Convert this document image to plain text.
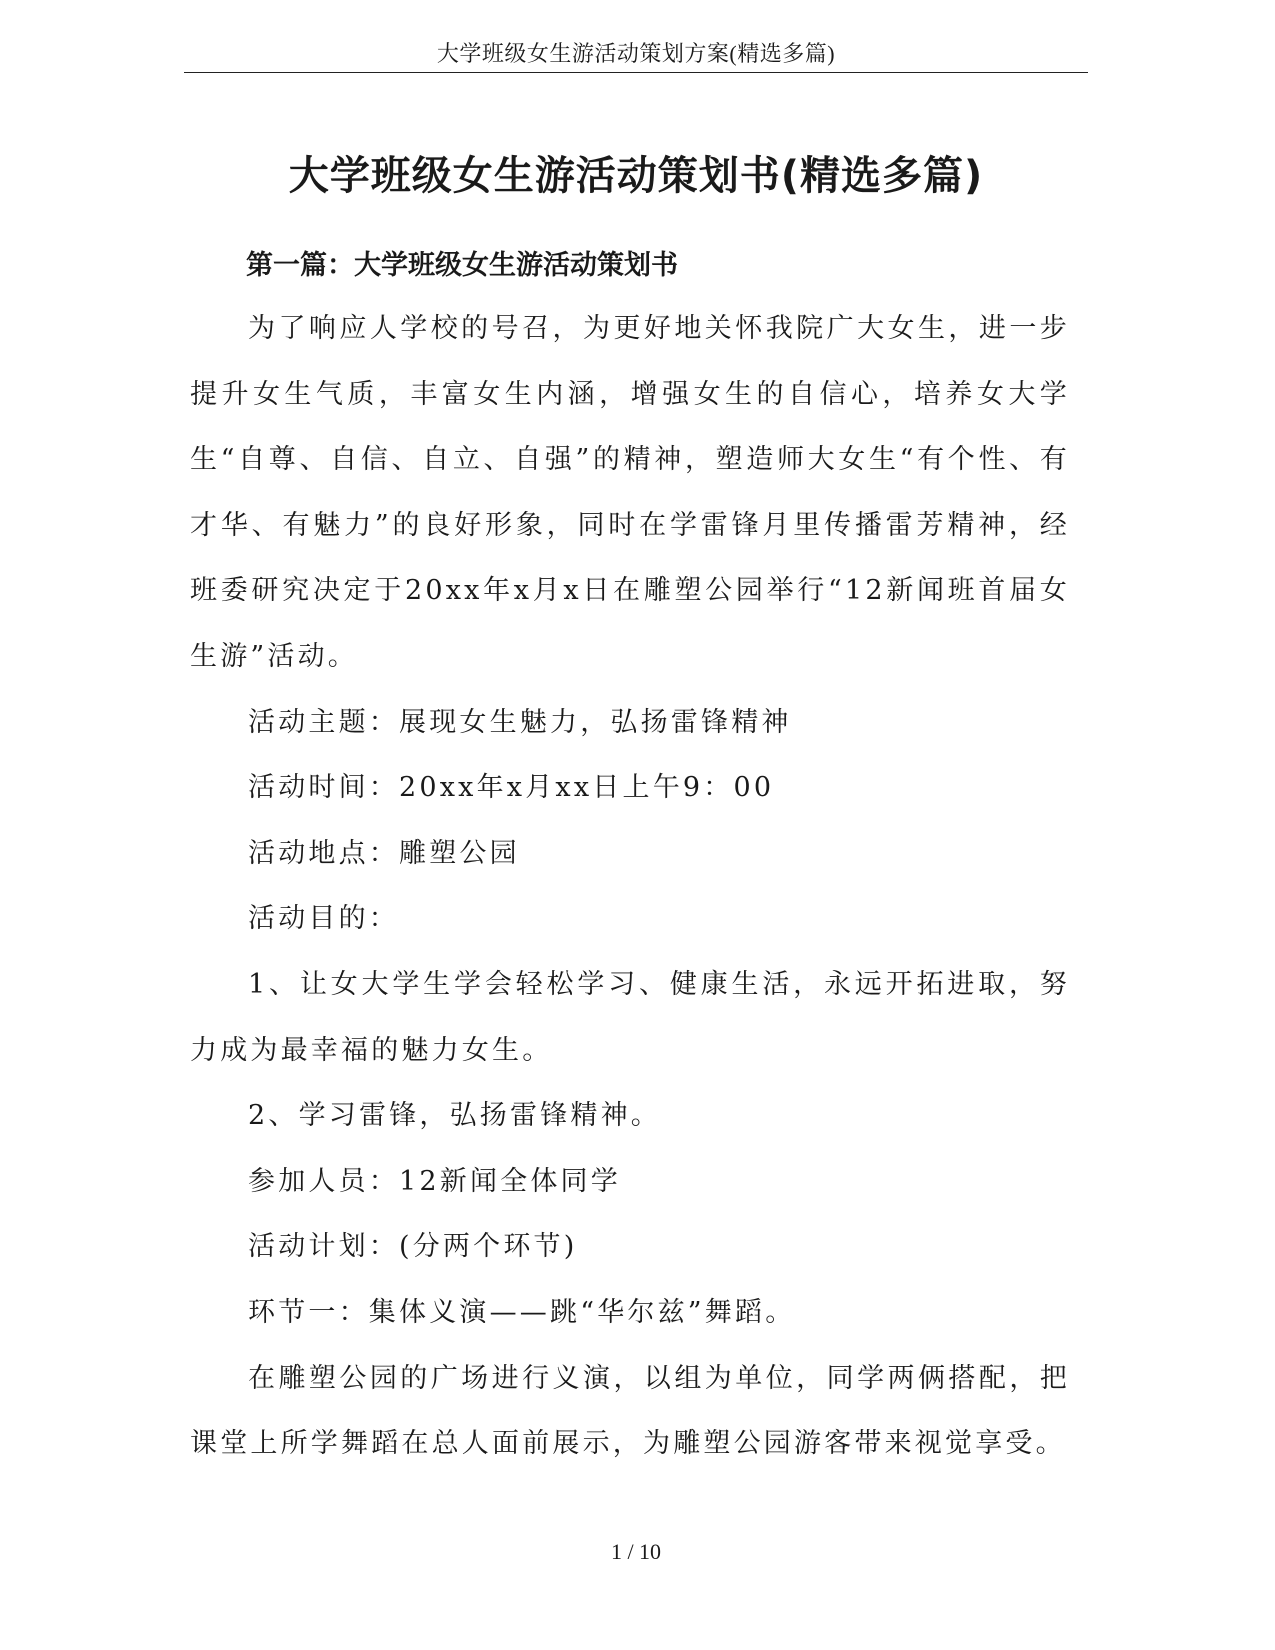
大学班级女生游活动策划方案(精选多篇)
大学班级女生游活动策划书(精选多篇)
第一篇：大学班级女生游活动策划书

为了响应人学校的号召，为更好地关怀我院广大女生，进一步提升女生气质，丰富女生内涵，增强女生的自信心，培养女大学生“自尊、自信、自立、自强”的精神，塑造师大女生“有个性、有才华、有魅力”的良好形象，同时在学雷锋月里传播雷芳精神，经班委研究决定于20xx年x月x日在雕塑公园举行“12新闻班首届女生游”活动。

活动主题：展现女生魅力，弘扬雷锋精神

活动时间：20xx年x月xx日上午9：00

活动地点：雕塑公园

活动目的：

1、让女大学生学会轻松学习、健康生活，永远开拓进取，努力成为最幸福的魅力女生。

2、学习雷锋，弘扬雷锋精神。

参加人员：12新闻全体同学

活动计划：(分两个环节)

环节一：集体义演——跳“华尔兹”舞蹈。

在雕塑公园的广场进行义演，以组为单位，同学两俩搭配，把课堂上所学舞蹈在总人面前展示，为雕塑公园游客带来视觉享受。

1 / 10
